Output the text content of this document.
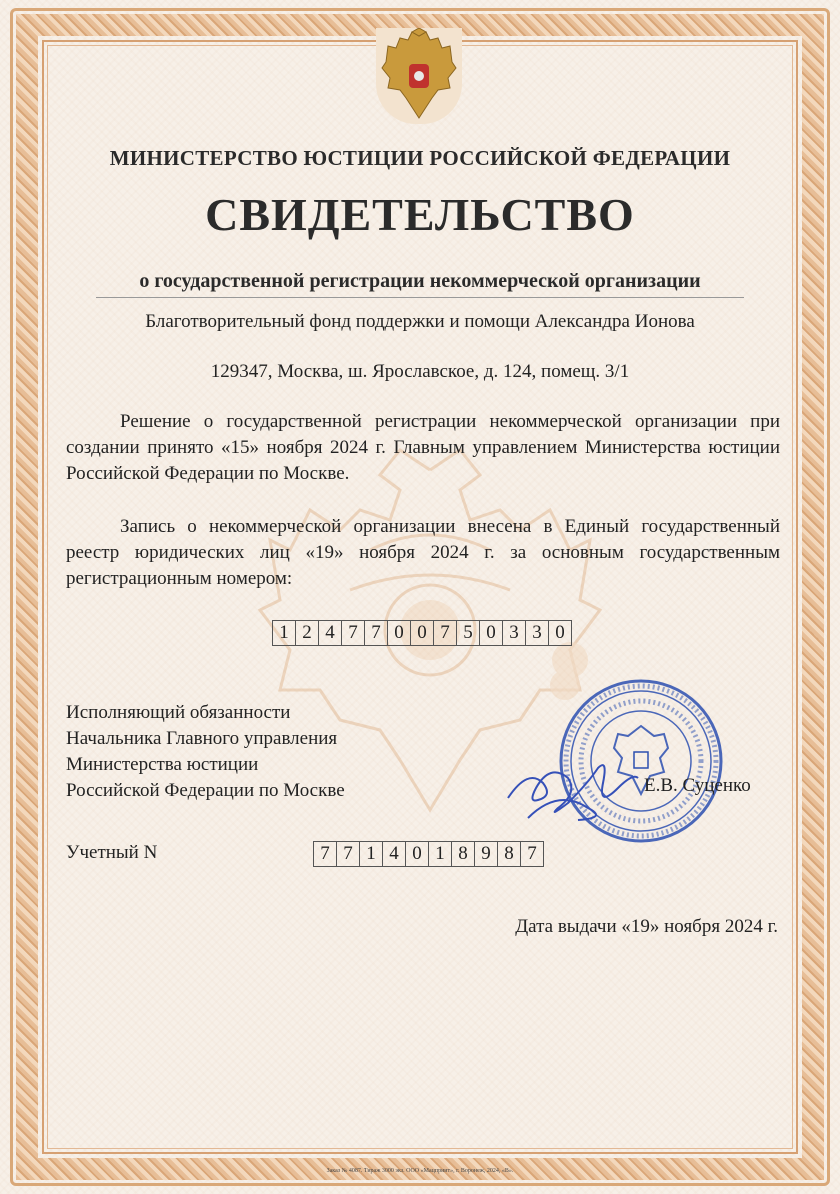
МИНИСТЕРСТВО ЮСТИЦИИ РОССИЙСКОЙ ФЕДЕРАЦИИ
СВИДЕТЕЛЬСТВО
о государственной регистрации некоммерческой организации
Благотворительный фонд поддержки и помощи Александра Ионова
129347, Москва, ш. Ярославское, д. 124, помещ. 3/1
Решение о государственной регистрации некоммерческой организации при создании принято «15» ноября 2024 г. Главным управлением Министерства юстиции Российской Федерации по Москве.
Запись о некоммерческой организации внесена в Единый государственный реестр юридических лиц «19» ноября 2024 г. за основным государственным регистрационным номером:
1 2 4 7 7 0 0 7 5 0 3 3 0
Исполняющий обязанности
Начальника Главного управления
Министерства юстиции
Российской Федерации по Москве	Е.В. Суценко
Учетный N	7 7 1 4 0 1 8 9 8 7
Дата выдачи «19» ноября 2024 г.
Заказ № 4087. Тираж 3000 экз. ООО «Мацприит», г. Воронеж, 2024, «В».
